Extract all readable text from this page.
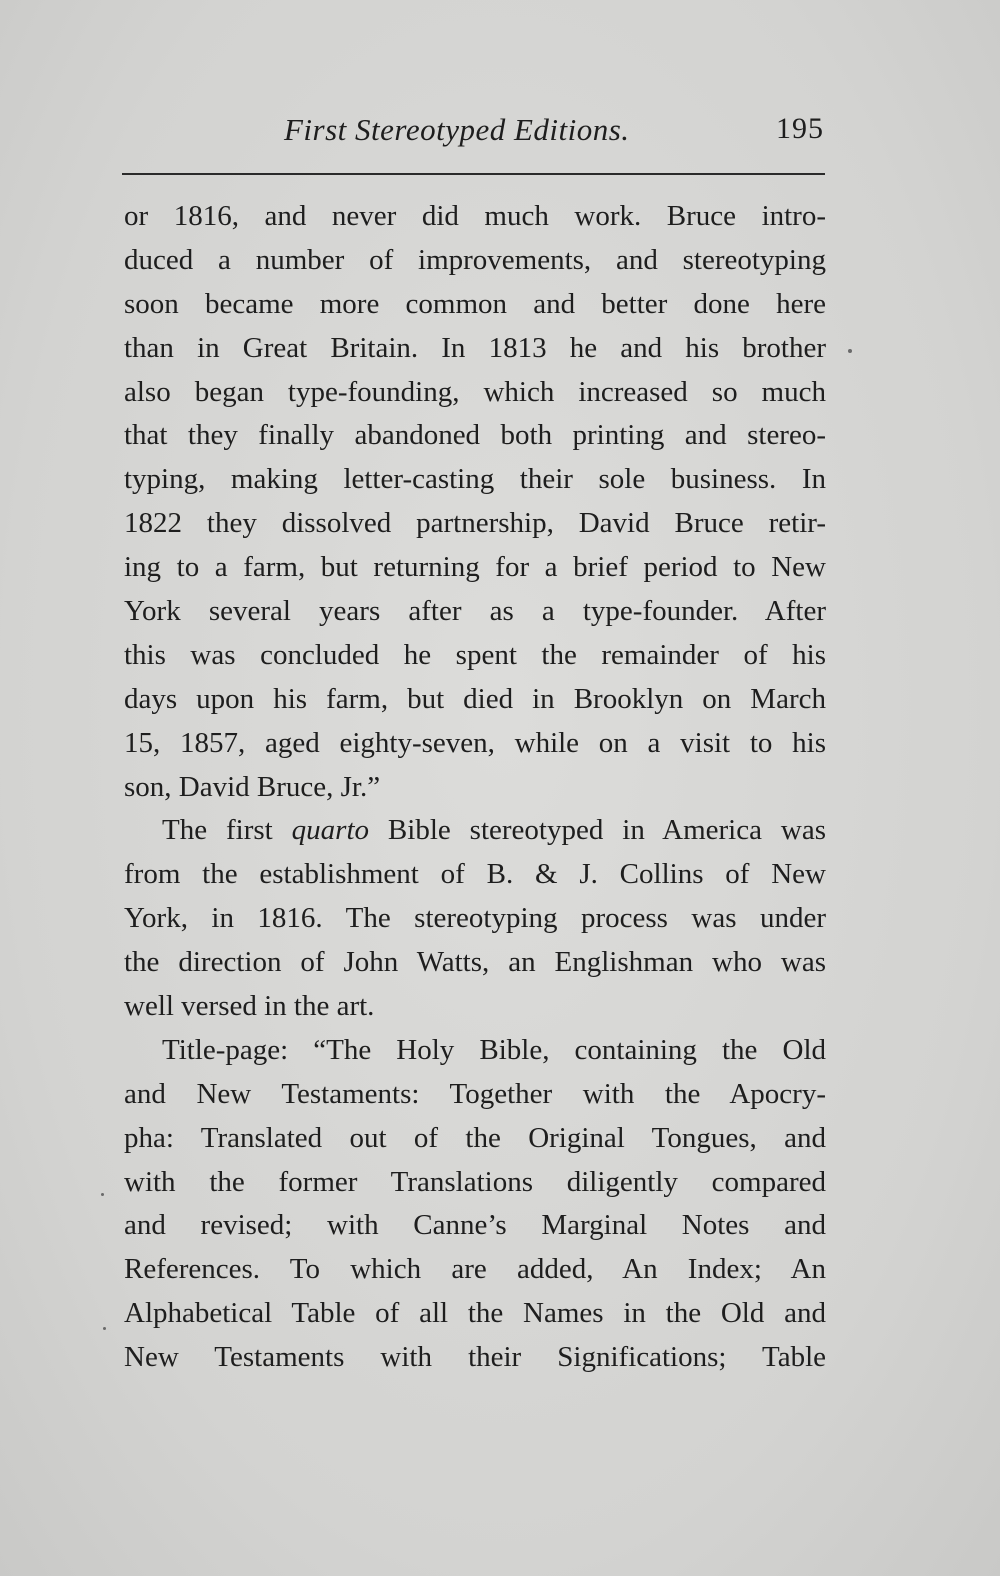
First Stereotyped Editions.	195
or 1816, and never did much work. Bruce intro-
duced a number of improvements, and stereotyping
soon became more common and better done here
than in Great Britain. In 1813 he and his brother
also began type-founding, which increased so much
that they finally abandoned both printing and stereo-
typing, making letter-casting their sole business. In
1822 they dissolved partnership, David Bruce retir-
ing to a farm, but returning for a brief period to New
York several years after as a type-founder. After
this was concluded he spent the remainder of his
days upon his farm, but died in Brooklyn on March
15, 1857, aged eighty-seven, while on a visit to his
son, David Bruce, Jr.”
The first quarto Bible stereotyped in America was
from the establishment of B. & J. Collins of New
York, in 1816. The stereotyping process was under
the direction of John Watts, an Englishman who was
well versed in the art.
Title-page: “The Holy Bible, containing the Old
and New Testaments: Together with the Apocry-
pha: Translated out of the Original Tongues, and
with the former Translations diligently compared
and revised; with Canne’s Marginal Notes and
References. To which are added, An Index; An
Alphabetical Table of all the Names in the Old and
New Testaments with their Significations; Table
